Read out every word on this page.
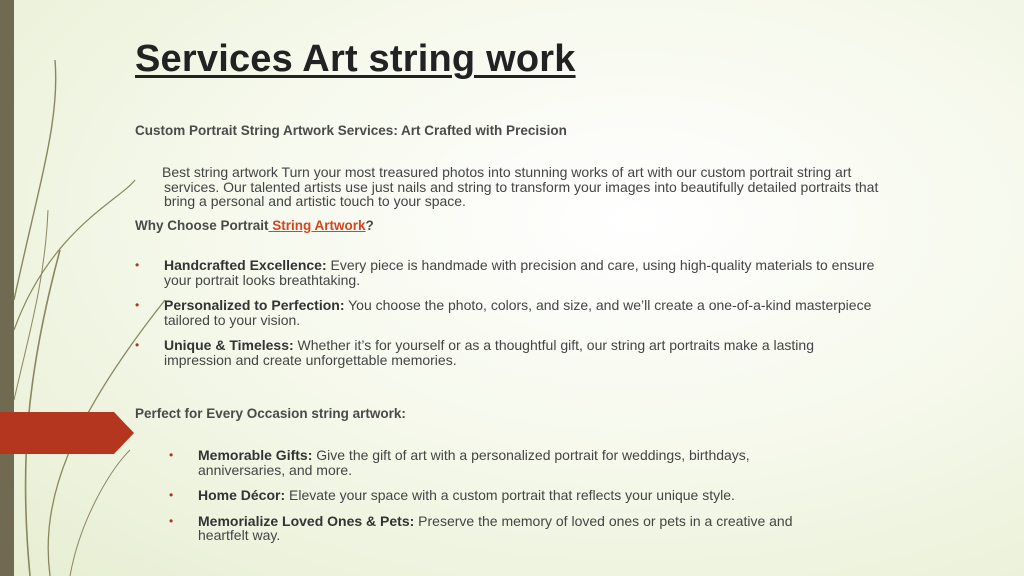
Services Art string work
Custom Portrait String Artwork Services: Art Crafted with Precision
Best string artwork Turn your most treasured photos into stunning works of art with our custom portrait string art services. Our talented artists use just nails and string to transform your images into beautifully detailed portraits that bring a personal and artistic touch to your space.
Why Choose Portrait String Artwork?
• Handcrafted Excellence: Every piece is handmade with precision and care, using high-quality materials to ensure your portrait looks breathtaking.
• Personalized to Perfection: You choose the photo, colors, and size, and we’ll create a one-of-a-kind masterpiece tailored to your vision.
• Unique & Timeless: Whether it’s for yourself or as a thoughtful gift, our string art portraits make a lasting impression and create unforgettable memories.
Perfect for Every Occasion string artwork:
• Memorable Gifts: Give the gift of art with a personalized portrait for weddings, birthdays, anniversaries, and more.
• Home Décor: Elevate your space with a custom portrait that reflects your unique style.
• Memorialize Loved Ones & Pets: Preserve the memory of loved ones or pets in a creative and heartfelt way.
